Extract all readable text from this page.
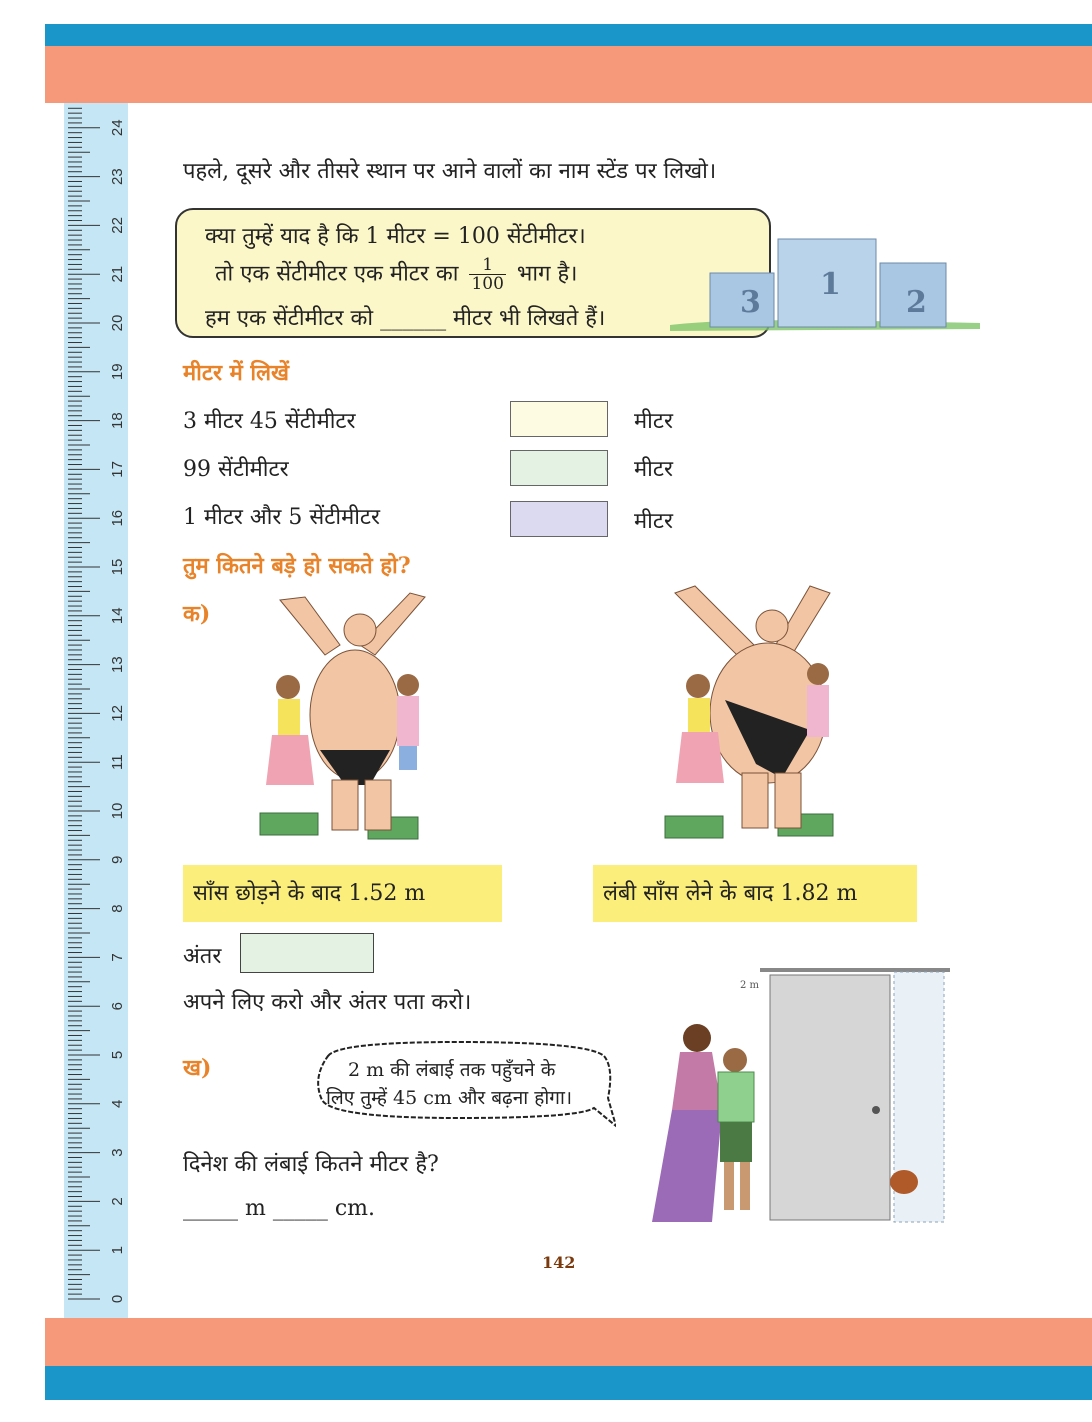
0
1
2
3
4
5
6
7
8
9
10
11
12
13
14
15
16
17
18
19
20
21
22
23
24
पहले, दूसरे और तीसरे स्थान पर आने वालों का नाम स्टेंड पर लिखो।
क्या तुम्हें याद है कि 1 मीटर = 100 सेंटीमीटर।
तो एक सेंटीमीटर एक मीटर का $\frac{1}{100}$ भाग है।
हम एक सेंटीमीटर को ______ मीटर भी लिखते हैं।	3
1
2
मीटर में लिखें
3 मीटर 45 सेंटीमीटर	मीटर
99 सेंटीमीटर	मीटर
1 मीटर और 5 सेंटीमीटर	मीटर
तुम कितने बड़े हो सकते हो?
क)
साँस छोड़ने के बाद 1.52 m	लंबी साँस लेने के बाद 1.82 m
अंतर
अपने लिए करो और अंतर पता करो।
ख)	2 m की लंबाई तक पहुँचने के
लिए तुम्हें 45 cm और बढ़ना होगा।
दिनेश की लंबाई कितने मीटर है?
_____ m _____ cm.
2 m
142
